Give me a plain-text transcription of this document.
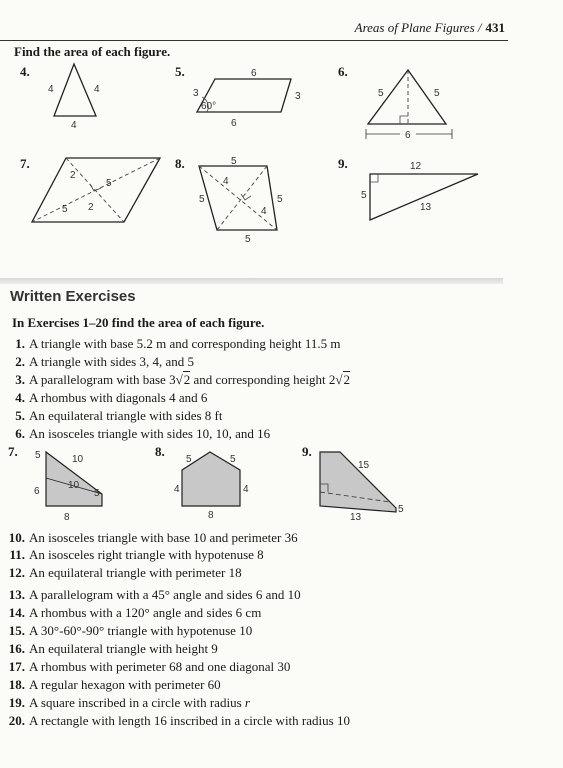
Areas of Plane Figures / 431
Find the area of each figure.
4.
4	4
4
5.	6
3
60°
3
6
6.
5	5
6
7.
2
5
5 2
8.	5
4
5	5
4
5
9.	12
5
13
Written Exercises
In Exercises 1–20 find the area of each figure.
1. A triangle with base 5.2 m and corresponding height 11.5 m
2. A triangle with sides 3, 4, and 5
3. A parallelogram with base 3√2 and corresponding height 2√2
4. A rhombus with diagonals 4 and 6
5. An equilateral triangle with sides 8 ft
6. An isosceles triangle with sides 10, 10, and 16
7. 5	10
6
10
5
8
8.
5	5
4	4
8
9.
15
5
13
10. An isosceles triangle with base 10 and perimeter 36
11. An isosceles right triangle with hypotenuse 8
12. An equilateral triangle with perimeter 18
13. A parallelogram with a 45° angle and sides 6 and 10
14. A rhombus with a 120° angle and sides 6 cm
15. A 30°-60°-90° triangle with hypotenuse 10
16. An equilateral triangle with height 9
17. A rhombus with perimeter 68 and one diagonal 30
18. A regular hexagon with perimeter 60
19. A square inscribed in a circle with radius r
20. A rectangle with length 16 inscribed in a circle with radius 10
